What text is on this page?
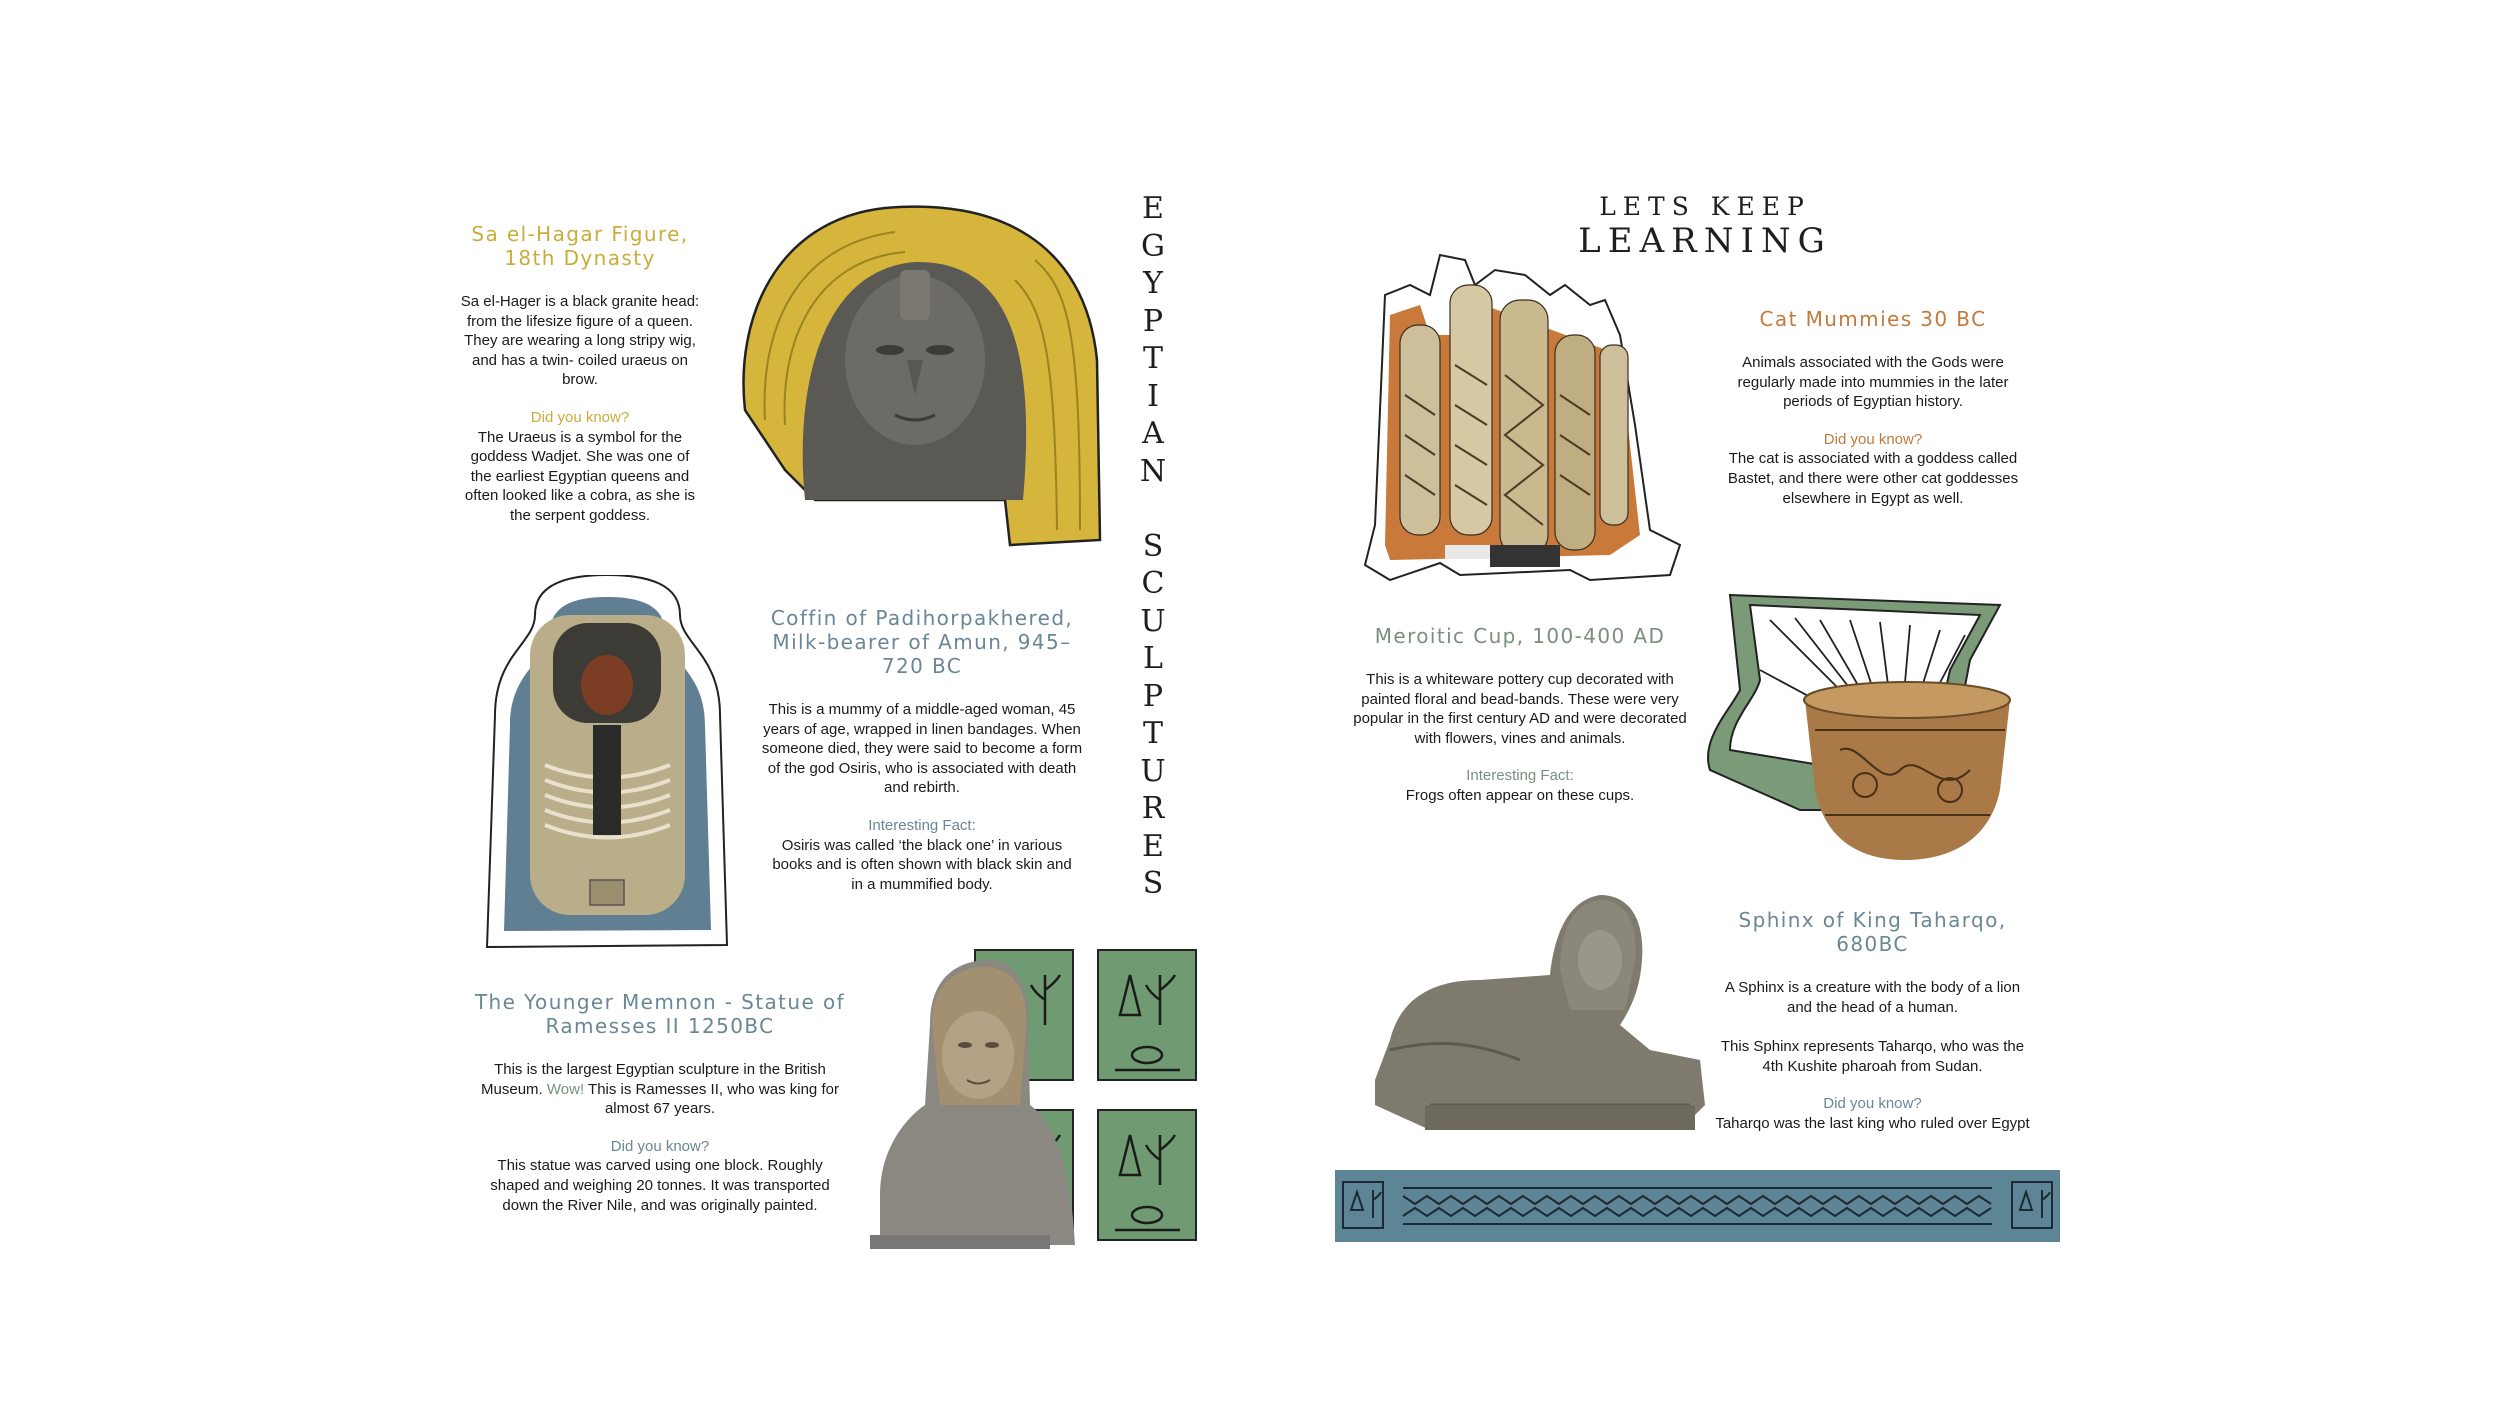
Sa el-Hagar Figure,
18th Dynasty

Sa el-Hager is a black granite head: from the lifesize figure of a queen. They are wearing a long stripy wig, and has a twin- coiled uraeus on brow.

Did you know?

The Uraeus is a symbol for the goddess Wadjet. She was one of the earliest Egyptian queens and often looked like a cobra, as she is the serpent goddess.

Coffin of Padihorpakhered,
Milk-bearer of Amun, 945–720 BC

This is a mummy of a middle-aged woman, 45 years of age, wrapped in linen bandages. When someone died, they were said to become a form of the god Osiris, who is associated with death and rebirth.

Interesting Fact:

Osiris was called ‘the black one’ in various books and is often shown with black skin and in a mummified body.

The Younger Memnon - Statue of
Ramesses II 1250BC

This is the largest Egyptian sculpture in the British Museum. Wow! This is Ramesses II, who was king for almost 67 years.

Did you know?

This statue was carved using one block. Roughly shaped and weighing 20 tonnes. It was transported down the River Nile, and was originally painted.

E
G
Y
P
T
I
A
N

S
C
U
L
P
T
U
R
E
S
LETS KEEP LEARNING
Cat Mummies 30 BC

Animals associated with the Gods were regularly made into mummies in the later periods of Egyptian history.

Did you know?

The cat is associated with a goddess called Bastet, and there were other cat goddesses elsewhere in Egypt as well.

Meroitic Cup, 100-400 AD

This is a whiteware pottery cup decorated with painted floral and bead-bands. These were very popular in the first century AD and were decorated with flowers, vines and animals.

Interesting Fact:

Frogs often appear on these cups.

Sphinx of King Taharqo, 680BC

A Sphinx is a creature with the body of a lion and the head of a human.

This Sphinx represents Taharqo, who was the 4th Kushite pharoah from Sudan.

Did you know?

Taharqo was the last king who ruled over Egypt
